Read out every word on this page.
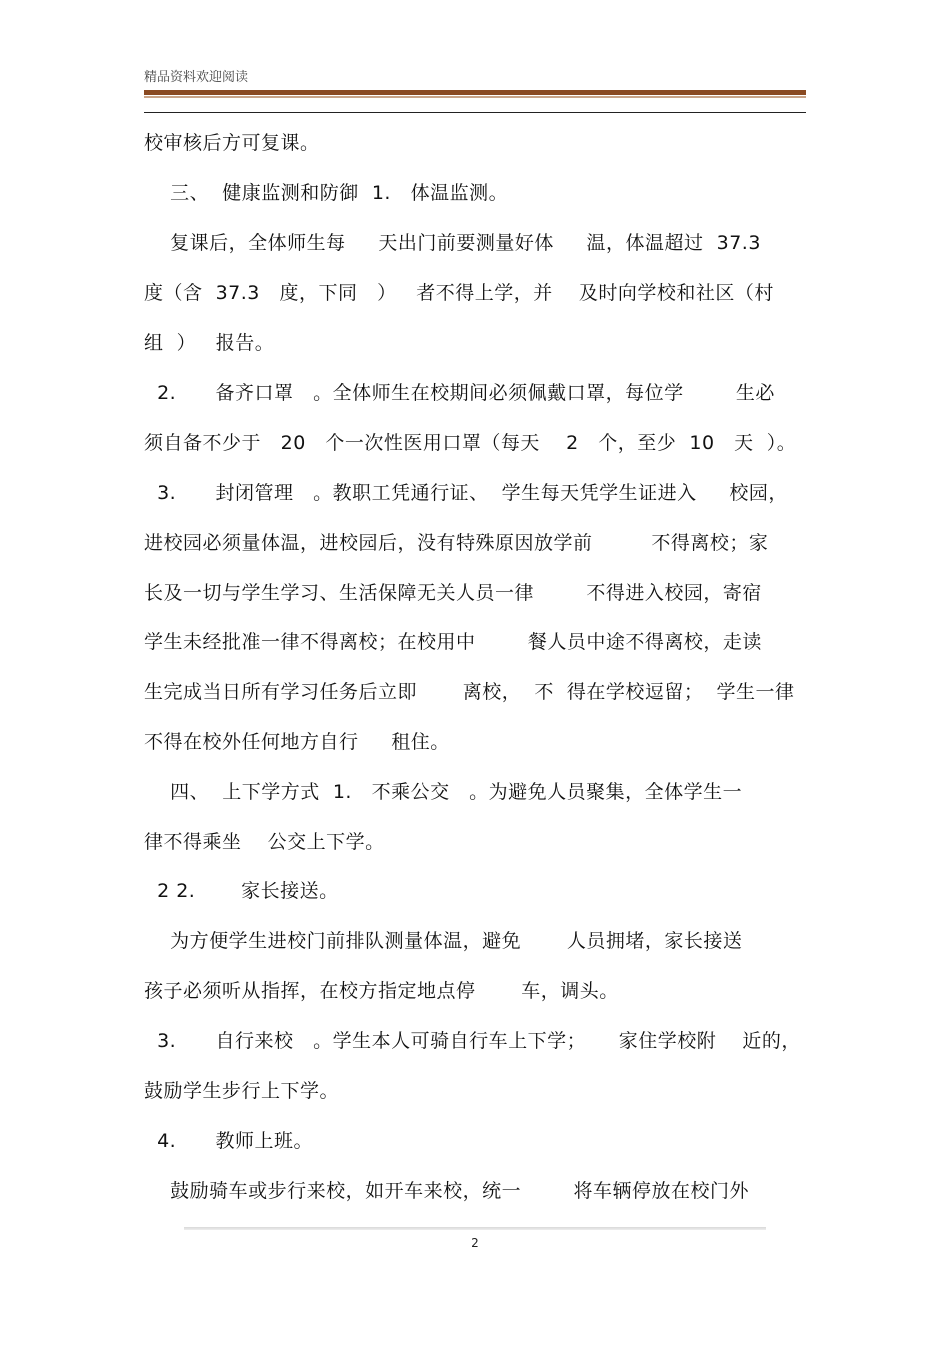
精品资料欢迎阅读
校审核后方可复课。
三、  健康监测和防御  1.   体温监测。
复课后，全体师生每     天出门前要测量好体     温，体温超过  37.3
度（含  37.3   度，下同   ）   者不得上学，并    及时向学校和社区（村
组  ）   报告。
2.      备齐口罩   。全体师生在校期间必须佩戴口罩，每位学        生必
须自备不少于   20   个一次性医用口罩（每天    2   个，至少  10   天  ）。
3.      封闭管理   。教职工凭通行证、  学生每天凭学生证进入     校园，
进校园必须量体温，进校园后，没有特殊原因放学前         不得离校；家
长及一切与学生学习、生活保障无关人员一律        不得进入校园，寄宿
学生未经批准一律不得离校；在校用中        餐人员中途不得离校，走读
生完成当日所有学习任务后立即       离校，  不  得在学校逗留；  学生一律
不得在校外任何地方自行     租住。
四、  上下学方式  1.   不乘公交   。为避免人员聚集，全体学生一
律不得乘坐    公交上下学。
2 2.       家长接送。
为方便学生进校门前排队测量体温，避免       人员拥堵，家长接送
孩子必须听从指挥，在校方指定地点停       车，调头。
3.      自行来校   。学生本人可骑自行车上下学；     家住学校附    近的，
鼓励学生步行上下学。
4.      教师上班。
鼓励骑车或步行来校，如开车来校，统一        将车辆停放在校门外
2
